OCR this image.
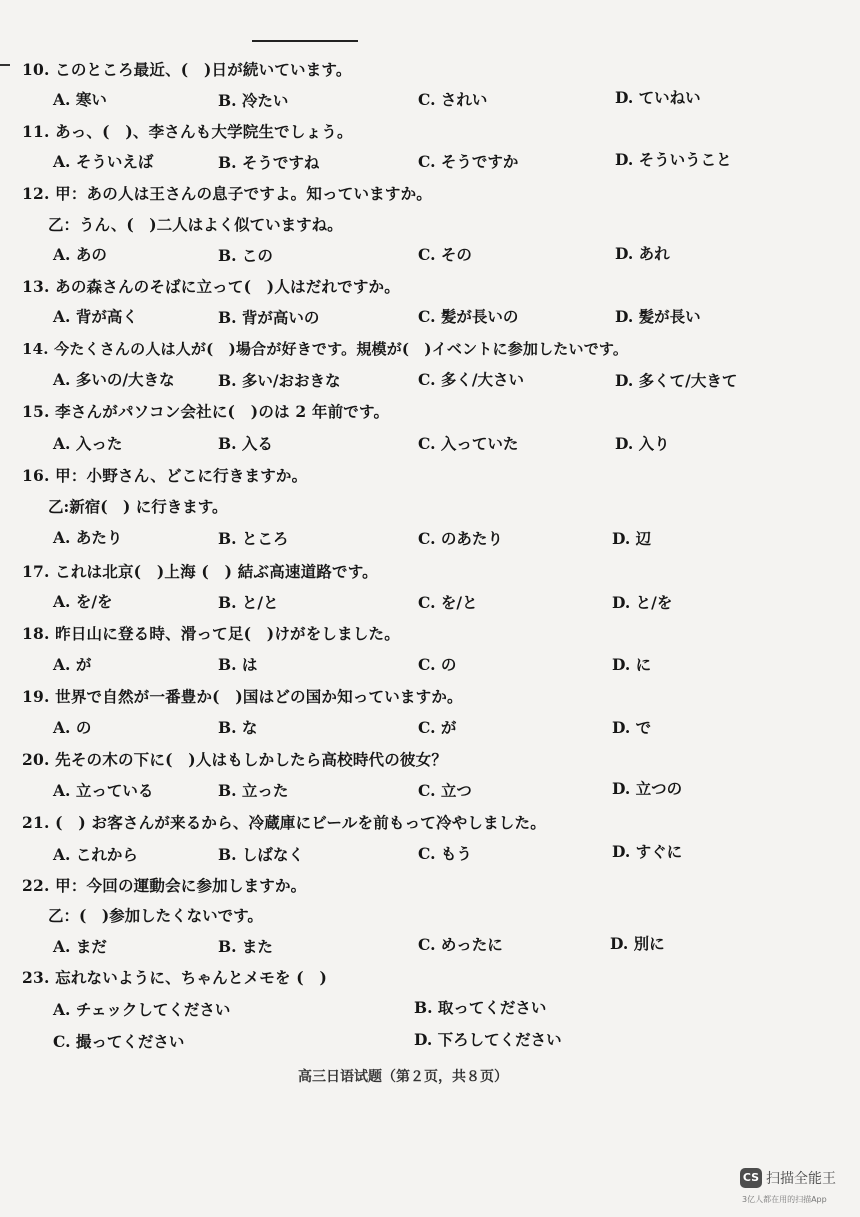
10. このところ最近、(　)日が続いています。
A. 寒い	B. 冷たい	C. されい	D. ていねい
11. あっ、(　)、李さんも大学院生でしょう。
A. そういえば	B. そうですね	C. そうですか	D. そういうこと
12. 甲：あの人は王さんの息子ですよ。知っていますか。
乙：うん、(　)二人はよく似ていますね。
A. あの	B. この	C. その	D. あれ
13. あの森さんのそばに立って(　)人はだれですか。
A. 背が高く	B. 背が高いの	C. 髪が長いの	D. 髪が長い
14. 今たくさんの人は人が(　)場合が好きです。規模が(　)イベントに参加したいです。
A. 多いの/大きな	B. 多い/おおきな	C. 多く/大さい	D. 多くて/大きて
15. 李さんがパソコン会社に(　)のは 2 年前です。
A. 入った	B. 入る	C. 入っていた	D. 入り
16. 甲：小野さん、どこに行きますか。
乙:新宿(　) に行きます。
A. あたり	B. ところ	C. のあたり	D. 辺
17. これは北京(　)上海 (　) 結ぶ高速道路です。
A. を/を	B. と/と	C. を/と	D. と/を
18. 昨日山に登る時、滑って足(　)けがをしました。
A. が	B. は	C. の	D. に
19. 世界で自然が一番豊か(　)国はどの国か知っていますか。
A. の	B. な	C. が	D. で
20. 先その木の下に(　)人はもしかしたら高校時代の彼女？
A. 立っている	B. 立った	C. 立つ	D. 立つの
21. (　) お客さんが来るから、冷蔵庫にビールを前もって冷やしました。
A. これから	B. しばなく	C. もう	D. すぐに
22. 甲：今回の運動会に参加しますか。
乙：(　)参加したくないです。
A. まだ	B. また	C. めったに	D. 別に
23. 忘れないように、ちゃんとメモを (　)
A. チェックしてください	B. 取ってください
C. 撮ってください	D. 下ろしてください
高三日语试题（第２页，共８页）
CS 扫描全能王
3亿人都在用的扫描App
